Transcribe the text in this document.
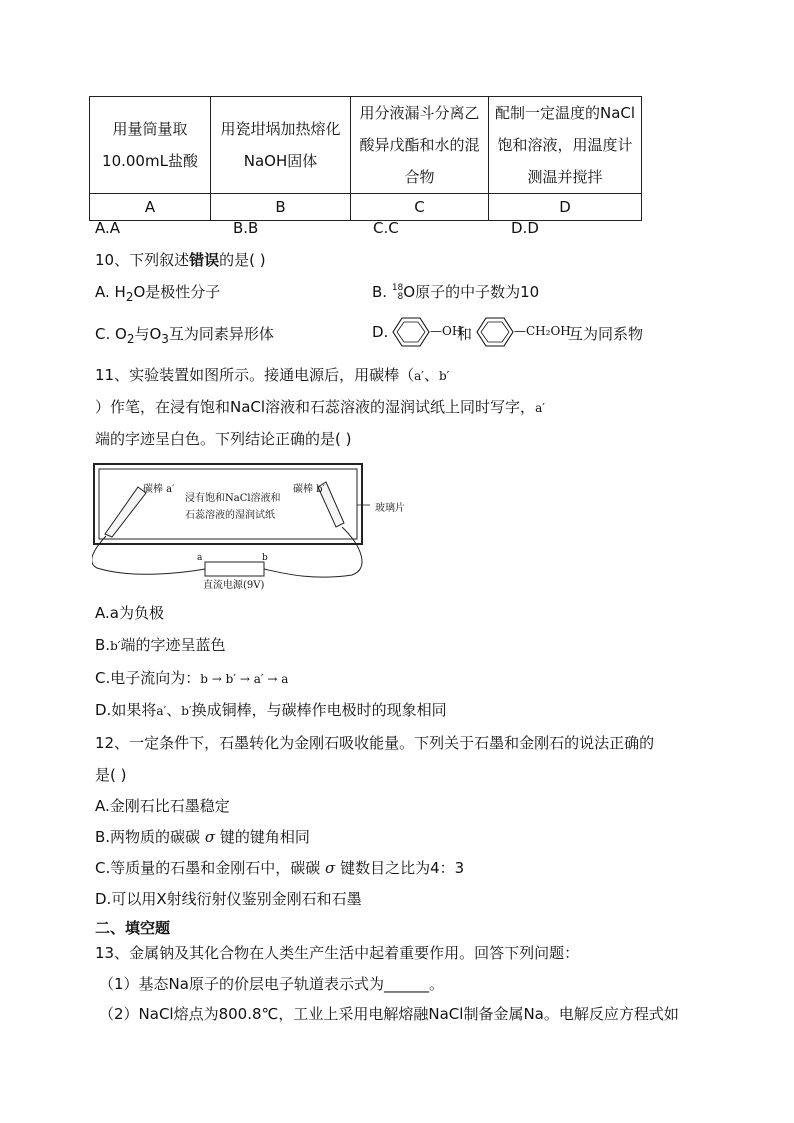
用量筒量取10.00mL盐酸	用瓷坩埚加热熔化NaOH固体	用分液漏斗分离乙酸异戊酯和水的混合物	配制一定温度的NaCl饱和溶液，用温度计测温并搅拌
A	B	C	D
A.A	B.B	C.C	D.D
10、下列叙述错误的是( )
A. $H_2O$是极性分子	B. 18
8 O原子的中子数为10
C. $O_2$与$O_3$互为同素异形体	D.	—OH
和	—CH₂OH
互为同系物
11、实验装置如图所示。接通电源后，用碳棒（a′、b′
）作笔，在浸有饱和NaCl溶液和石蕊溶液的湿润试纸上同时写字，a′
端的字迹呈白色。下列结论正确的是( )
碳棒 a′	碳棒 b′
浸有饱和NaCl溶液和
石蕊溶液的湿润试纸
玻璃片
a	b
直流电源(9V)
A.a为负极
B.b′端的字迹呈蓝色
C.电子流向为：b → b′ → a′ → a
D.如果将a′、b′换成铜棒，与碳棒作电极时的现象相同
12、一定条件下，石墨转化为金刚石吸收能量。下列关于石墨和金刚石的说法正确的
是( )
A.金刚石比石墨稳定
B.两物质的碳碳 σ 键的键角相同
C.等质量的石墨和金刚石中，碳碳 σ 键数目之比为4：3
D.可以用X射线衍射仪鉴别金刚石和石墨
二、填空题
13、金属钠及其化合物在人类生产生活中起着重要作用。回答下列问题：
（1）基态Na原子的价层电子轨道表示式为______。
（2）NaCl熔点为800.8℃，工业上采用电解熔融NaCl制备金属Na。电解反应方程式如
